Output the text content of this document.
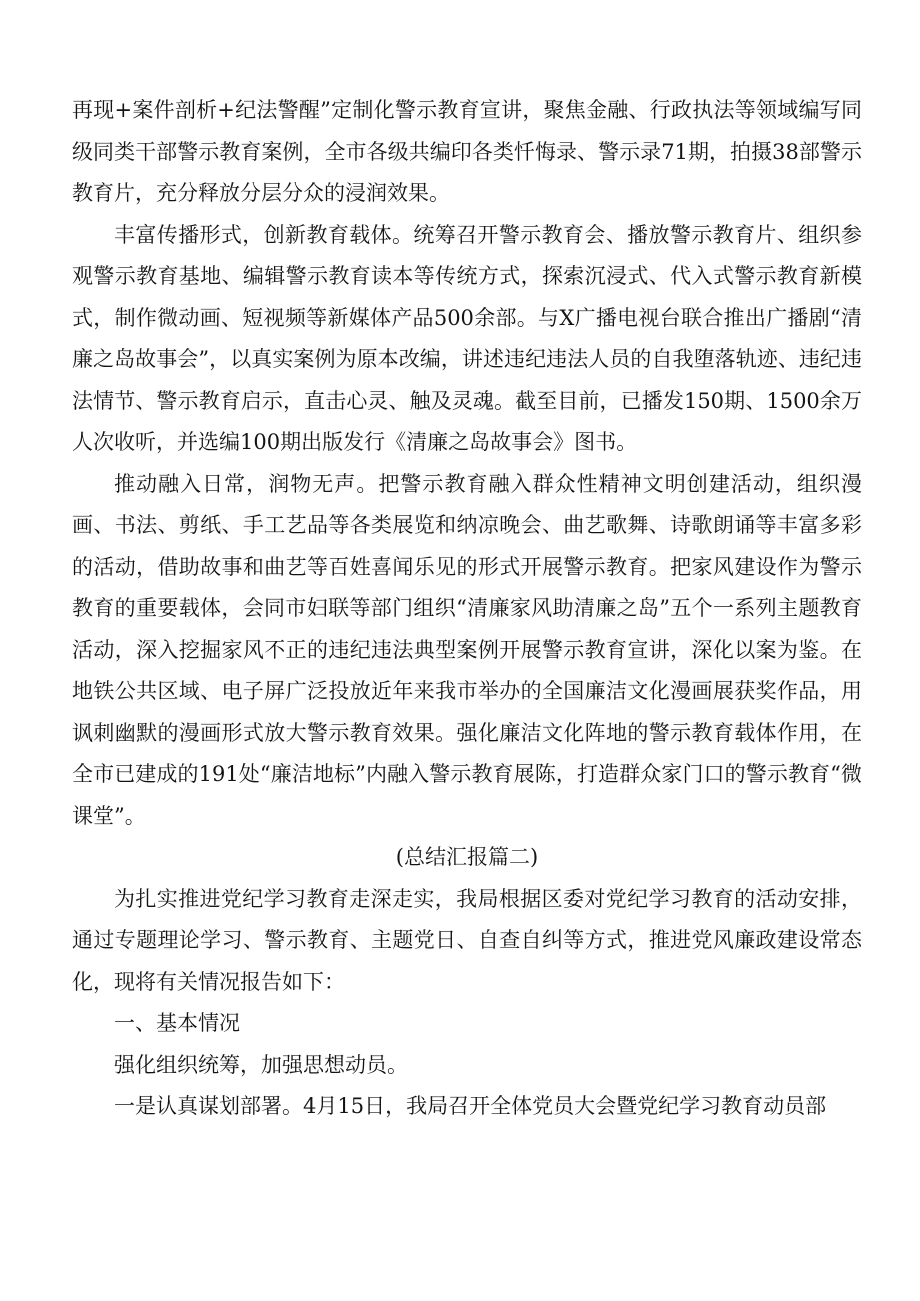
再现+案件剖析+纪法警醒”定制化警示教育宣讲，聚焦金融、行政执法等领域编写同级同类干部警示教育案例，全市各级共编印各类忏悔录、警示录71期，拍摄38部警示教育片，充分释放分层分众的浸润效果。

丰富传播形式，创新教育载体。统筹召开警示教育会、播放警示教育片、组织参观警示教育基地、编辑警示教育读本等传统方式，探索沉浸式、代入式警示教育新模式，制作微动画、短视频等新媒体产品500余部。与X广播电视台联合推出广播剧“清廉之岛故事会”，以真实案例为原本改编，讲述违纪违法人员的自我堕落轨迹、违纪违法情节、警示教育启示，直击心灵、触及灵魂。截至目前，已播发150期、1500余万人次收听，并选编100期出版发行《清廉之岛故事会》图书。

推动融入日常，润物无声。把警示教育融入群众性精神文明创建活动，组织漫画、书法、剪纸、手工艺品等各类展览和纳凉晚会、曲艺歌舞、诗歌朗诵等丰富多彩的活动，借助故事和曲艺等百姓喜闻乐见的形式开展警示教育。把家风建设作为警示教育的重要载体，会同市妇联等部门组织“清廉家风助清廉之岛”五个一系列主题教育活动，深入挖掘家风不正的违纪违法典型案例开展警示教育宣讲，深化以案为鉴。在地铁公共区域、电子屏广泛投放近年来我市举办的全国廉洁文化漫画展获奖作品，用讽刺幽默的漫画形式放大警示教育效果。强化廉洁文化阵地的警示教育载体作用，在全市已建成的191处“廉洁地标”内融入警示教育展陈，打造群众家门口的警示教育“微课堂”。

(总结汇报篇二)

为扎实推进党纪学习教育走深走实，我局根据区委对党纪学习教育的活动安排，通过专题理论学习、警示教育、主题党日、自查自纠等方式，推进党风廉政建设常态化，现将有关情况报告如下：

一、基本情况

强化组织统筹，加强思想动员。

一是认真谋划部署。4月15日，我局召开全体党员大会暨党纪学习教育动员部
